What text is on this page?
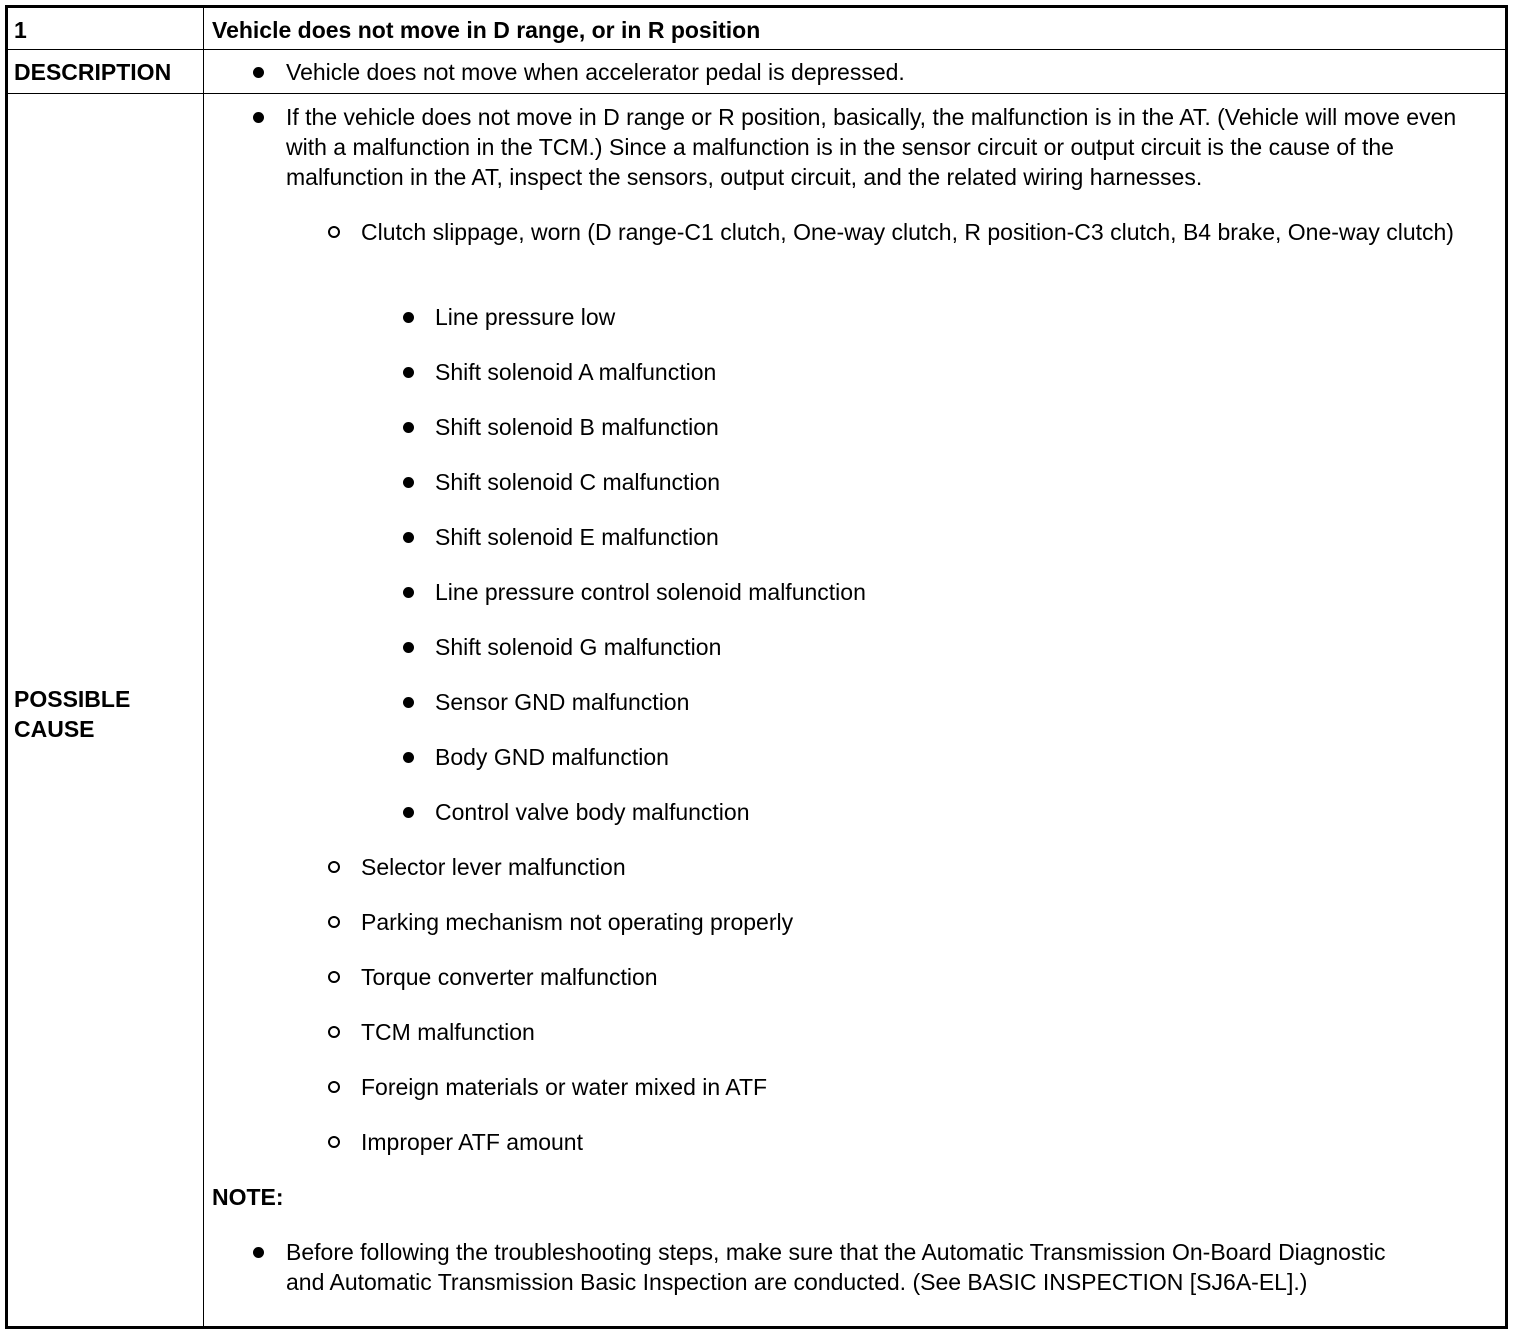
1	Vehicle does not move in D range, or in R position
DESCRIPTION	Vehicle does not move when accelerator pedal is depressed.
POSSIBLE
CAUSE
If the vehicle does not move in D range or R position, basically, the malfunction is in the AT. (Vehicle will move even with a malfunction in the TCM.) Since a malfunction is in the sensor circuit or output circuit is the cause of the malfunction in the AT, inspect the sensors, output circuit, and the related wiring harnesses.
Clutch slippage, worn (D range-C1 clutch, One-way clutch, R position-C3 clutch, B4 brake, One-way clutch)
Line pressure low
Shift solenoid A malfunction
Shift solenoid B malfunction
Shift solenoid C malfunction
Shift solenoid E malfunction
Line pressure control solenoid malfunction
Shift solenoid G malfunction
Sensor GND malfunction
Body GND malfunction
Control valve body malfunction
Selector lever malfunction
Parking mechanism not operating properly
Torque converter malfunction
TCM malfunction
Foreign materials or water mixed in ATF
Improper ATF amount
NOTE:
Before following the troubleshooting steps, make sure that the Automatic Transmission On-Board Diagnostic and Automatic Transmission Basic Inspection are conducted. (See BASIC INSPECTION [SJ6A-EL].)
